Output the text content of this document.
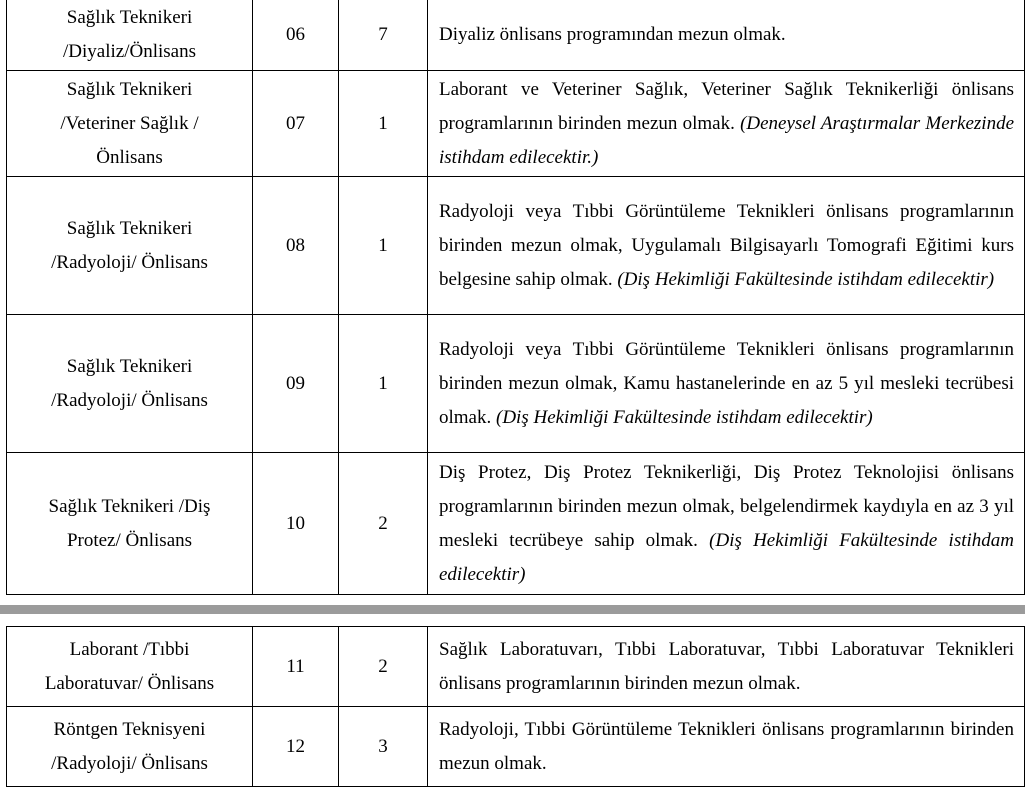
Sağlık Teknikeri /Diyaliz/Önlisans	06	7	Diyaliz önlisans programından mezun olmak.

Sağlık Teknikeri /Veteriner Sağlık / Önlisans	07	1	Laborant ve Veteriner Sağlık, Veteriner Sağlık Teknikerliği önlisans programlarının birinden mezun olmak. (Deneysel Araştırmalar Merkezinde istihdam edilecektir.)

Sağlık Teknikeri /Radyoloji/ Önlisans	08	1	Radyoloji veya Tıbbi Görüntüleme Teknikleri önlisans programlarının birinden mezun olmak, Uygulamalı Bilgisayarlı Tomografi Eğitimi kurs belgesine sahip olmak. (Diş Hekimliği Fakültesinde istihdam edilecektir)

Sağlık Teknikeri /Radyoloji/ Önlisans	09	1	Radyoloji veya Tıbbi Görüntüleme Teknikleri önlisans programlarının birinden mezun olmak, Kamu hastanelerinde en az 5 yıl mesleki tecrübesi olmak. (Diş Hekimliği Fakültesinde istihdam edilecektir)

Sağlık Teknikeri /Diş Protez/ Önlisans	10	2	Diş Protez, Diş Protez Teknikerliği, Diş Protez Teknolojisi önlisans programlarının birinden mezun olmak, belgelendirmek kaydıyla en az 3 yıl mesleki tecrübeye sahip olmak. (Diş Hekimliği Fakültesinde istihdam edilecektir)
Laborant /Tıbbi Laboratuvar/ Önlisans	11	2	Sağlık Laboratuvarı, Tıbbi Laboratuvar, Tıbbi Laboratuvar Teknikleri önlisans programlarının birinden mezun olmak.

Röntgen Teknisyeni /Radyoloji/ Önlisans	12	3	Radyoloji, Tıbbi Görüntüleme Teknikleri önlisans programlarının birinden mezun olmak.
